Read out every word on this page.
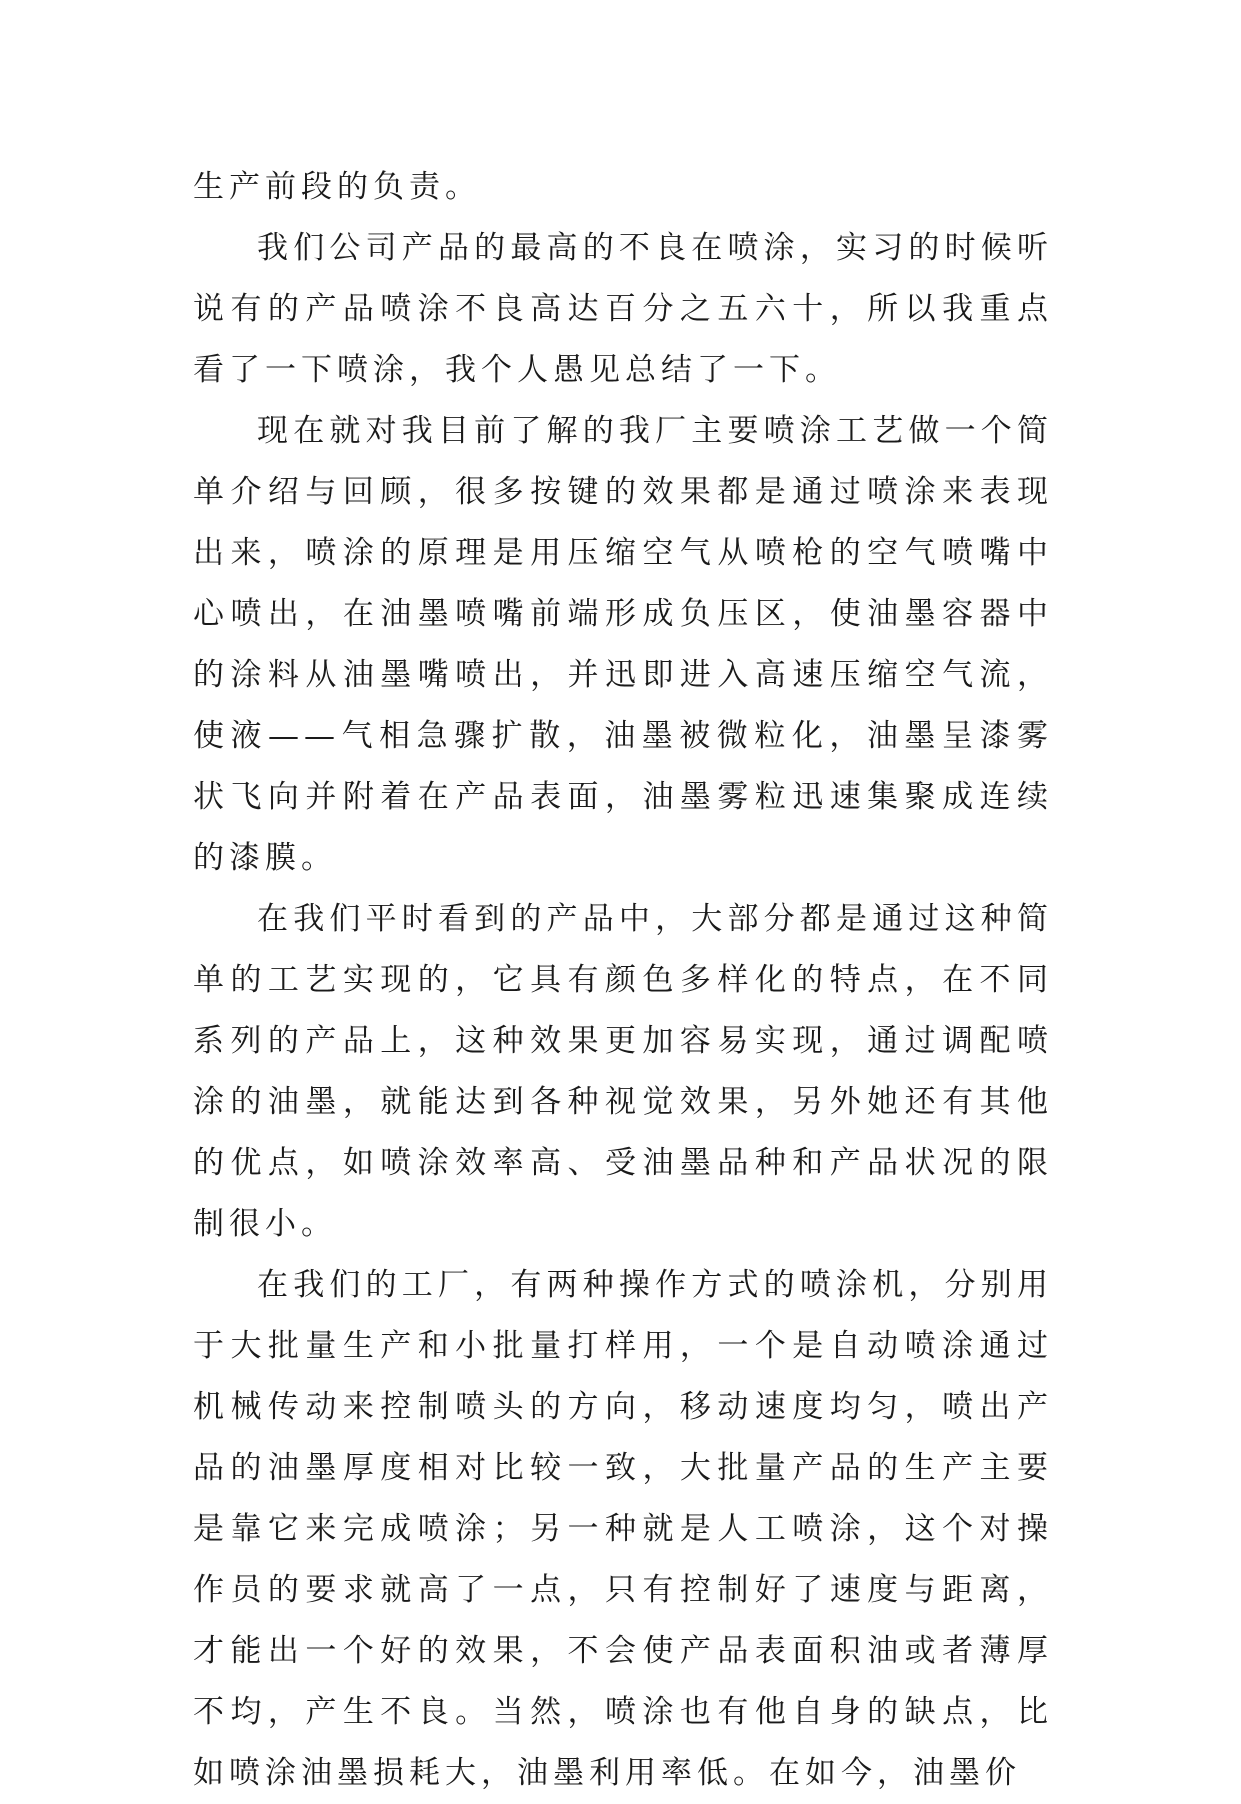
生产前段的负责。

我们公司产品的最高的不良在喷涂，实习的时候听说有的产品喷涂不良高达百分之五六十，所以我重点看了一下喷涂，我个人愚见总结了一下。

现在就对我目前了解的我厂主要喷涂工艺做一个简单介绍与回顾，很多按键的效果都是通过喷涂来表现出来，喷涂的原理是用压缩空气从喷枪的空气喷嘴中心喷出，在油墨喷嘴前端形成负压区，使油墨容器中的涂料从油墨嘴喷出，并迅即进入高速压缩空气流，使液——气相急骤扩散，油墨被微粒化，油墨呈漆雾状飞向并附着在产品表面，油墨雾粒迅速集聚成连续的漆膜。

在我们平时看到的产品中，大部分都是通过这种简单的工艺实现的，它具有颜色多样化的特点，在不同系列的产品上，这种效果更加容易实现，通过调配喷涂的油墨，就能达到各种视觉效果，另外她还有其他的优点，如喷涂效率高、受油墨品种和产品状况的限制很小。

在我们的工厂，有两种操作方式的喷涂机，分别用于大批量生产和小批量打样用，一个是自动喷涂通过机械传动来控制喷头的方向，移动速度均匀，喷出产品的油墨厚度相对比较一致，大批量产品的生产主要是靠它来完成喷涂；另一种就是人工喷涂，这个对操作员的要求就高了一点，只有控制好了速度与距离，才能出一个好的效果，不会使产品表面积油或者薄厚不均，产生不良。当然，喷涂也有他自身的缺点，比如喷涂油墨损耗大，油墨利用率低。在如今，油墨价
